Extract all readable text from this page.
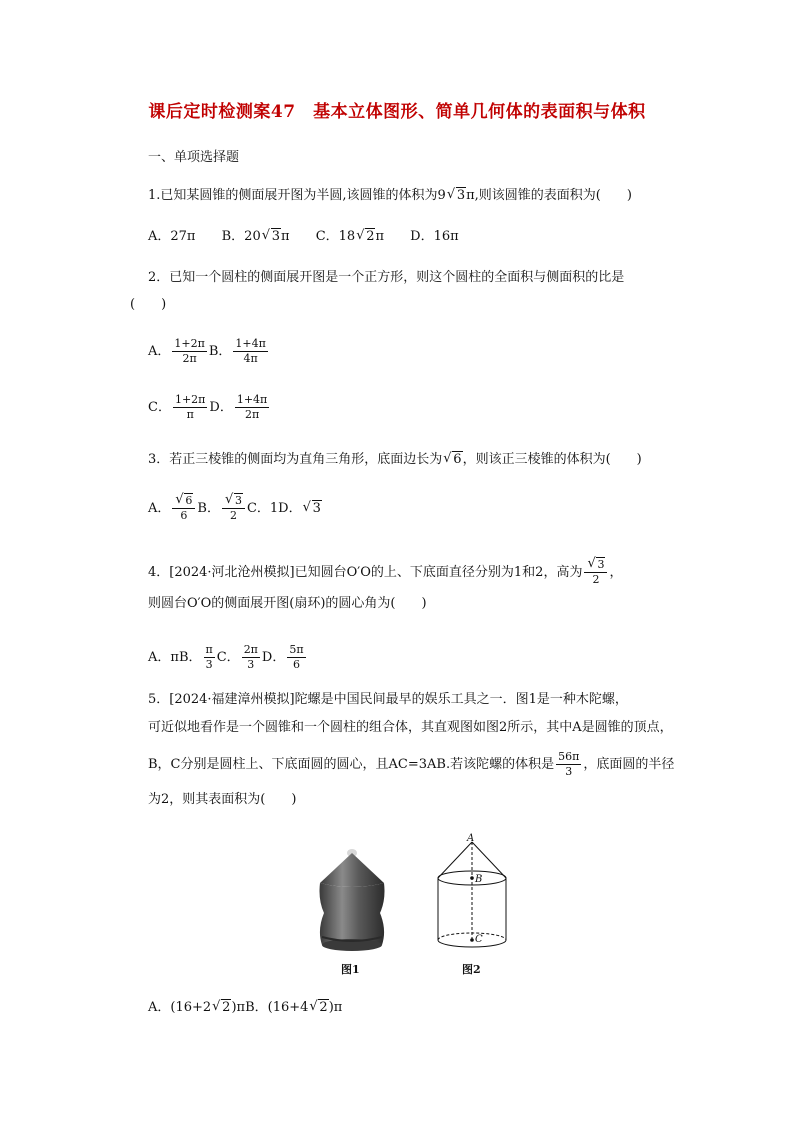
课后定时检测案47　基本立体图形、简单几何体的表面积与体积
一、单项选择题
1.已知某圆锥的侧面展开图为半圆,该圆锥的体积为9 √ 3π,则该圆锥的表面积为(　　)
A．27π B．20 √ 3π C．18 √ 2π D．16π
2．已知一个圆柱的侧面展开图是一个正方形，则这个圆柱的全面积与侧面积的比是
(　　)
A． $\frac{1+2\pi}{2\pi}$ B． $\frac{1+4\pi}{4\pi}$
C． $\frac{1+2\pi}{\pi}$ D． $\frac{1+4\pi}{2\pi}$
3．若正三棱锥的侧面均为直角三角形，底面边长为 √ 6，则该正三棱锥的体积为(　　)
A． √ $\frac{6}{6}$ B． √ $\frac{3}{2}$ C．1D． √ 3
4．[2024·河北沧州模拟]已知圆台O′O的上、下底面直径分别为1和2，高为 √ $\frac{3}{2}$ ，
则圆台O′O的侧面展开图(扇环)的圆心角为(　　)
A．πB． $\frac{\pi}{3}$ C． $\frac{2\pi}{3}$ D． $\frac{5\pi}{6}$
5．[2024·福建漳州模拟]陀螺是中国民间最早的娱乐工具之一．图1是一种木陀螺，
可近似地看作是一个圆锥和一个圆柱的组合体，其直观图如图2所示，其中A是圆锥的顶点，
B，C分别是圆柱上、下底面圆的圆心，且AC=3AB.若该陀螺的体积是 $\frac{56\pi}{3}$ ，底面圆的半径
为2，则其表面积为(　　)
A
B
C
图1	图2
A．(16+2 √ 2)πB．(16+4 √ 2)π
